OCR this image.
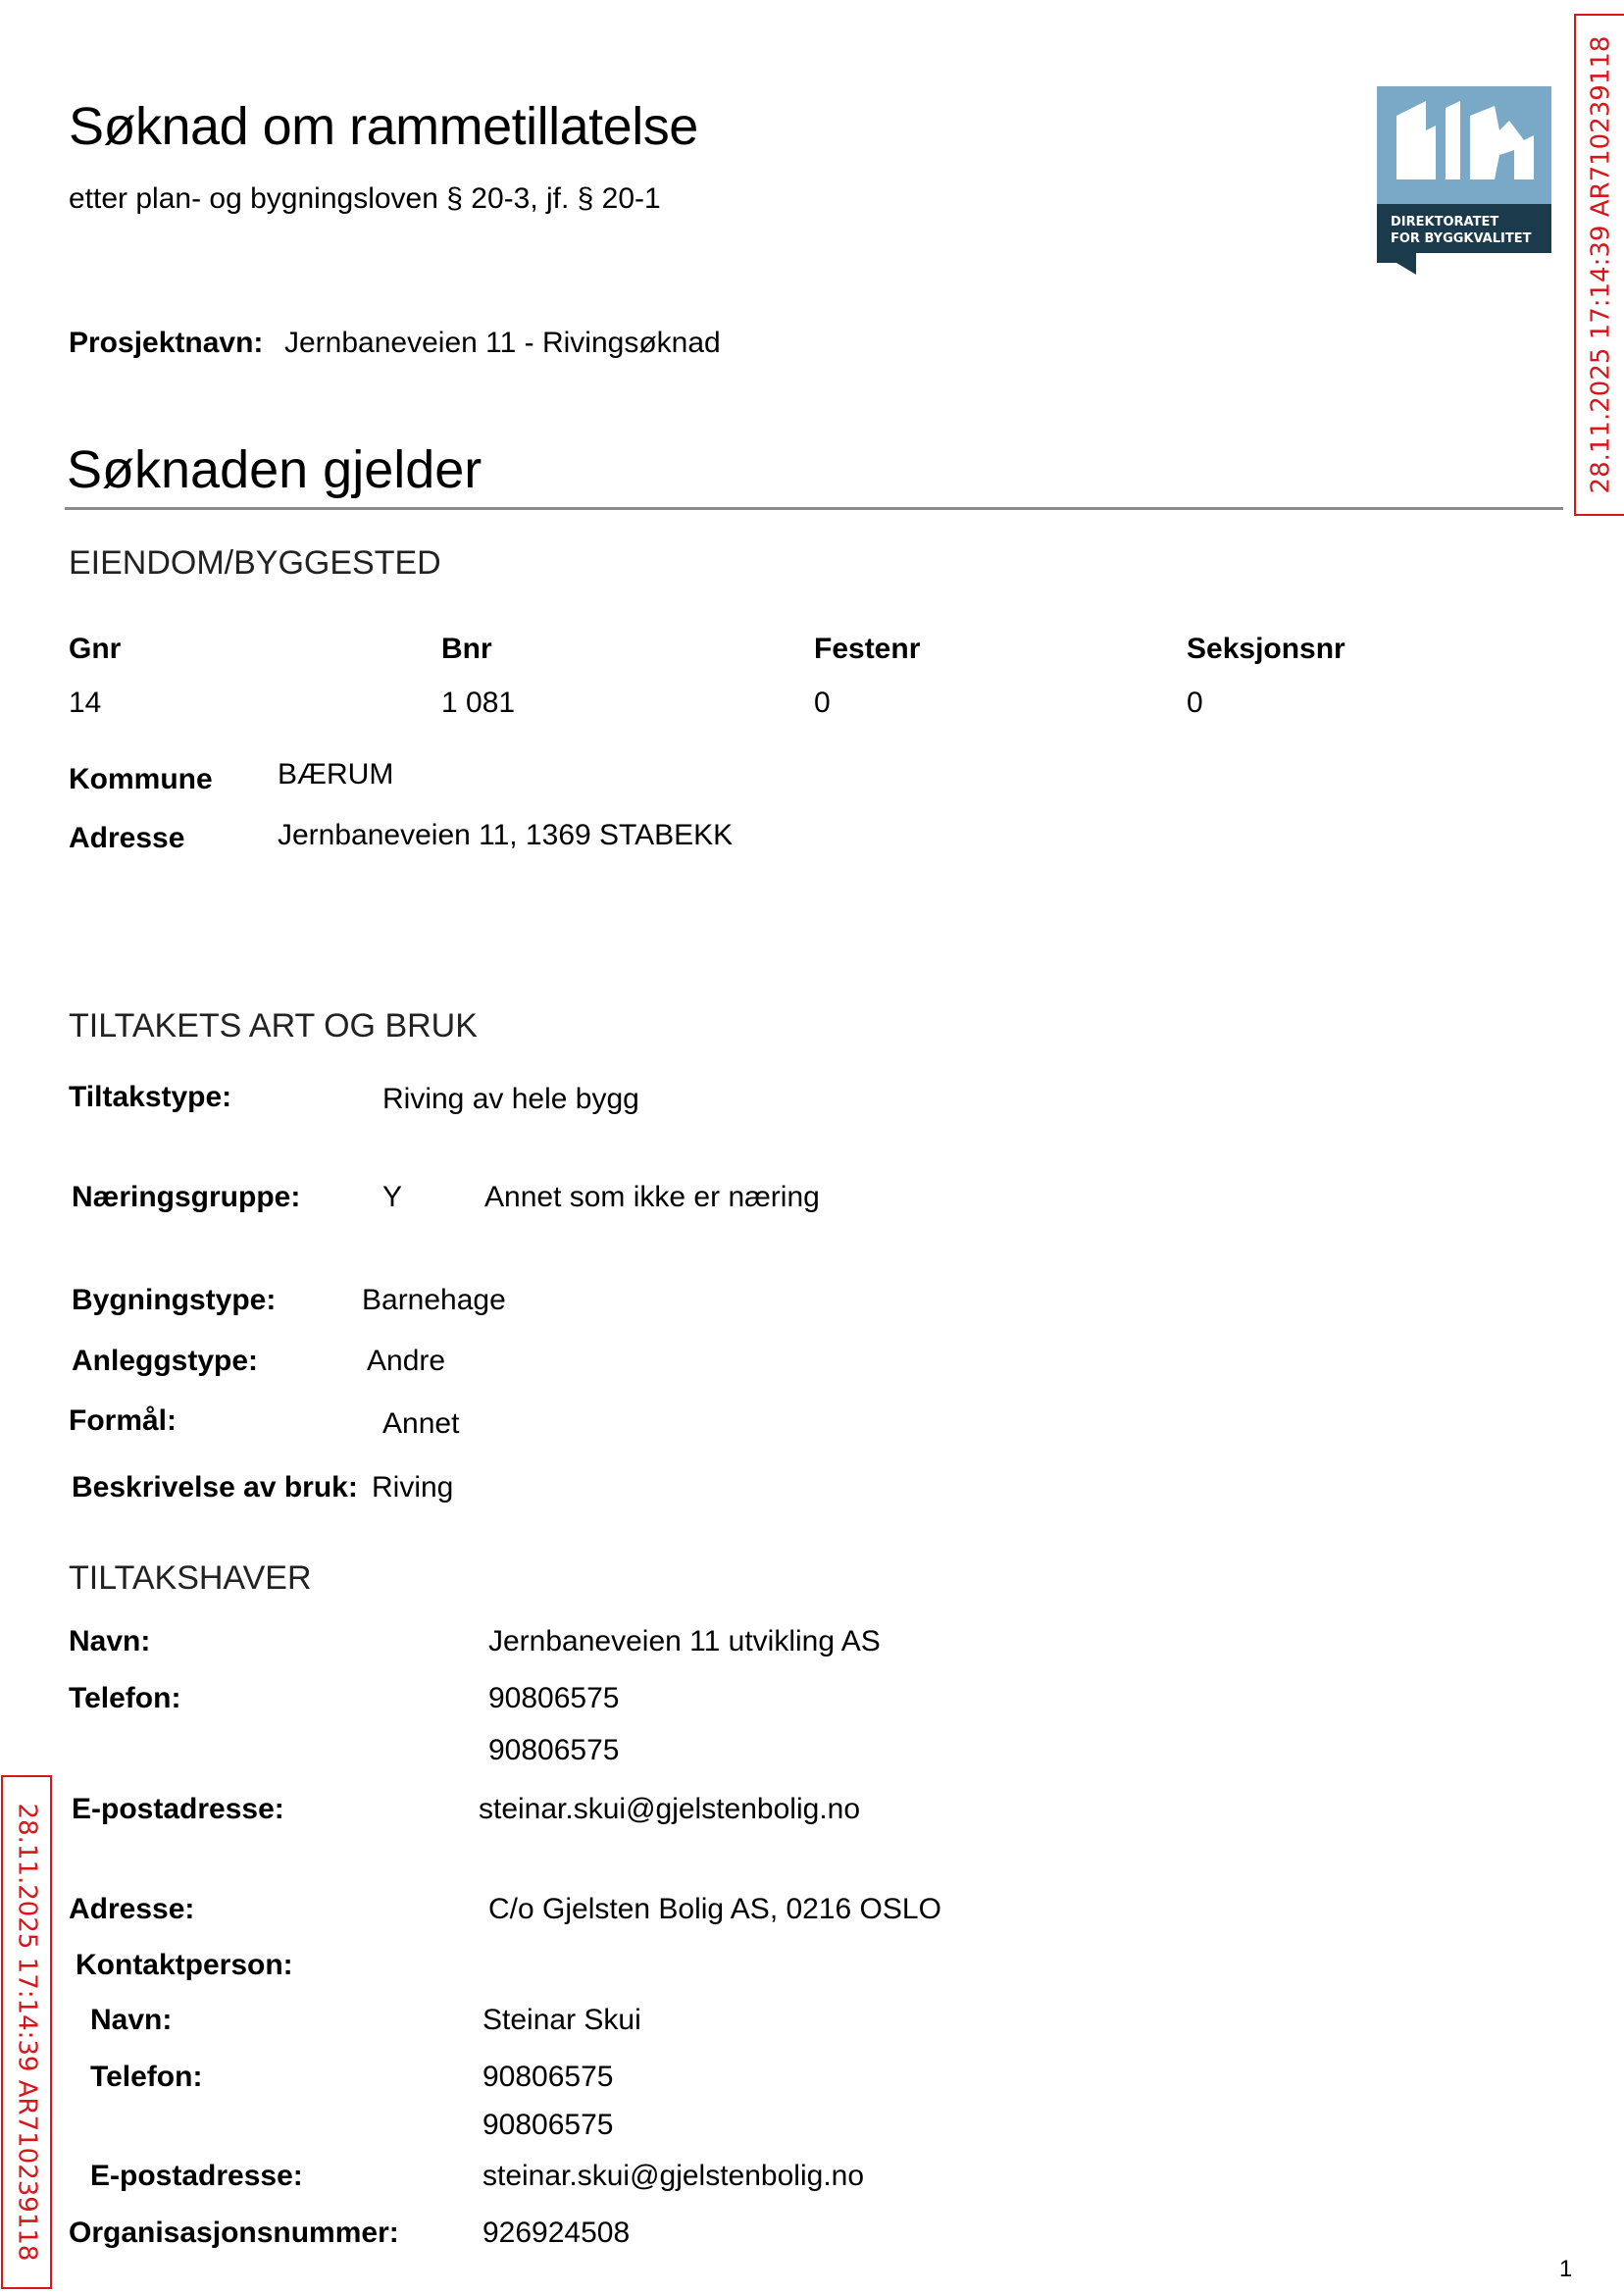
Søknad om rammetillatelse
etter plan- og bygningsloven § 20-3, jf. § 20-1
DIREKTORATET
FOR BYGGKVALITET 28.11.2025 17:14:39 AR710239118
28.11.2025 17:14:39 AR710239118
Prosjektnavn: Jernbaneveien 11 - Rivingsøknad
Søknaden gjelder
EIENDOM/BYGGESTED
Gnr	Bnr	Festenr	Seksjonsnr
14	1 081	0	0
Kommune BÆRUM
Adresse	Jernbaneveien 11, 1369 STABEKK
TILTAKETS ART OG BRUK
Tiltakstype:	Riving av hele bygg
Næringsgruppe:	Y	Annet som ikke er næring
Bygningstype:	Barnehage
Anleggstype:	Andre
Formål:	Annet
Beskrivelse av bruk: Riving
TILTAKSHAVER
Navn:	Jernbaneveien 11 utvikling AS
Telefon:	90806575
90806575
E-postadresse:	steinar.skui@gjelstenbolig.no
Adresse:	C/o Gjelsten Bolig AS, 0216 OSLO
Kontaktperson:
Navn:	Steinar Skui
Telefon:	90806575
90806575
E-postadresse:	steinar.skui@gjelstenbolig.no
Organisasjonsnummer:	926924508
1
